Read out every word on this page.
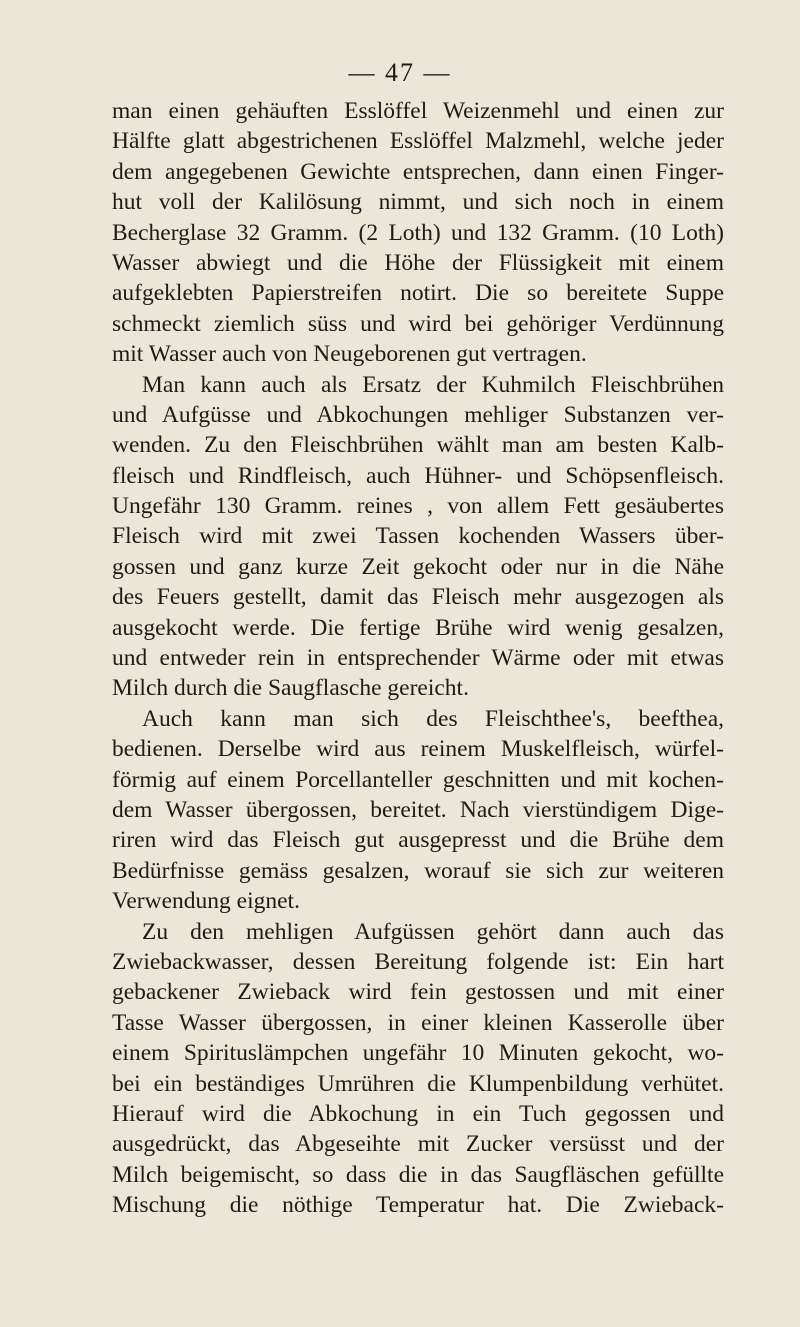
— 47 —
man einen gehäuften Esslöffel Weizenmehl und einen zur
Hälfte glatt abgestrichenen Esslöffel Malzmehl, welche jeder
dem angegebenen Gewichte entsprechen, dann einen Finger-
hut voll der Kalilösung nimmt, und sich noch in einem
Becherglase 32 Gramm. (2 Loth) und 132 Gramm. (10 Loth)
Wasser abwiegt und die Höhe der Flüssigkeit mit einem
aufgeklebten Papierstreifen notirt. Die so bereitete Suppe
schmeckt ziemlich süss und wird bei gehöriger Verdünnung
mit Wasser auch von Neugeborenen gut vertragen.
Man kann auch als Ersatz der Kuhmilch Fleischbrühen
und Aufgüsse und Abkochungen mehliger Substanzen ver-
wenden. Zu den Fleischbrühen wählt man am besten Kalb-
fleisch und Rindfleisch, auch Hühner- und Schöpsenfleisch.
Ungefähr 130 Gramm. reines , von allem Fett gesäubertes
Fleisch wird mit zwei Tassen kochenden Wassers über-
gossen und ganz kurze Zeit gekocht oder nur in die Nähe
des Feuers gestellt, damit das Fleisch mehr ausgezogen als
ausgekocht werde. Die fertige Brühe wird wenig gesalzen,
und entweder rein in entsprechender Wärme oder mit etwas
Milch durch die Saugflasche gereicht.
Auch kann man sich des Fleischthee's, beefthea,
bedienen. Derselbe wird aus reinem Muskelfleisch, würfel-
förmig auf einem Porcellanteller geschnitten und mit kochen-
dem Wasser übergossen, bereitet. Nach vierstündigem Dige-
riren wird das Fleisch gut ausgepresst und die Brühe dem
Bedürfnisse gemäss gesalzen, worauf sie sich zur weiteren
Verwendung eignet.
Zu den mehligen Aufgüssen gehört dann auch das
Zwiebackwasser, dessen Bereitung folgende ist: Ein hart
gebackener Zwieback wird fein gestossen und mit einer
Tasse Wasser übergossen, in einer kleinen Kasserolle über
einem Spirituslämpchen ungefähr 10 Minuten gekocht, wo-
bei ein beständiges Umrühren die Klumpenbildung verhütet.
Hierauf wird die Abkochung in ein Tuch gegossen und
ausgedrückt, das Abgeseihte mit Zucker versüsst und der
Milch beigemischt, so dass die in das Saugfläschen gefüllte
Mischung die nöthige Temperatur hat. Die Zwieback-
